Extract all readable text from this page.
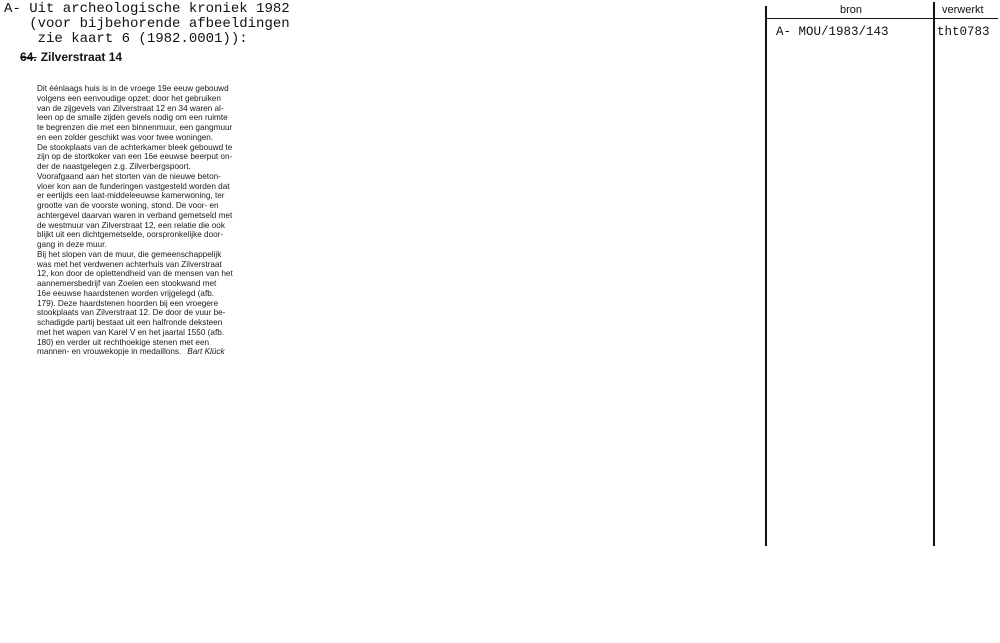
A- Uit archeologische kroniek 1982
(voor bijbehorende afbeeldingen
zie kaart 6 (1982.0001)):
64. Zilverstraat 14
Dit éénlaags huis is in de vroege 19e eeuw gebouwd
volgens een eenvoudige opzet: door het gebruiken
van de zijgevels van Zilverstraat 12 en 34 waren al-
leen op de smalle zijden gevels nodig om een ruimte
te begrenzen die met een binnenmuur, een gangmuur
en een zolder geschikt was voor twee woningen.
De stookplaats van de achterkamer bleek gebouwd te
zijn op de stortkoker van een 16e eeuwse beerput on-
der de naastgelegen z.g. Zilverbergspoort.
Voorafgaand aan het storten van de nieuwe beton-
vloer kon aan de funderingen vastgesteld worden dat
er eertijds een laat-middeleeuwse kamerwoning, ter
grootte van de voorste woning, stond. De voor- en
achtergevel daarvan waren in verband gemetseld met
de westmuur van Zilverstraat 12, een relatie die ook
blijkt uit een dichtgemetselde, oorspronkelijke door-
gang in deze muur.
Bij het slopen van de muur, die gemeenschappelijk
was met het verdwenen achterhuis van Zilverstraat
12, kon door de oplettendheid van de mensen van het
aannemersbedrijf van Zoelen een stookwand met
16e eeuwse haardstenen worden vrijgelegd (afb.
179). Deze haardstenen hoorden bij een vroegere
stookplaats van Zilverstraat 12. De door de vuur be-
schadigde partij bestaat uit een halfronde deksteen
met het wapen van Karel V en het jaartal 1550 (afb.
180) en verder uit rechthoekige stenen met een
mannen- en vrouwekopje in medaillons. Bart Klück
bron	verwerkt
A- MOU/1983/143	tht0783
